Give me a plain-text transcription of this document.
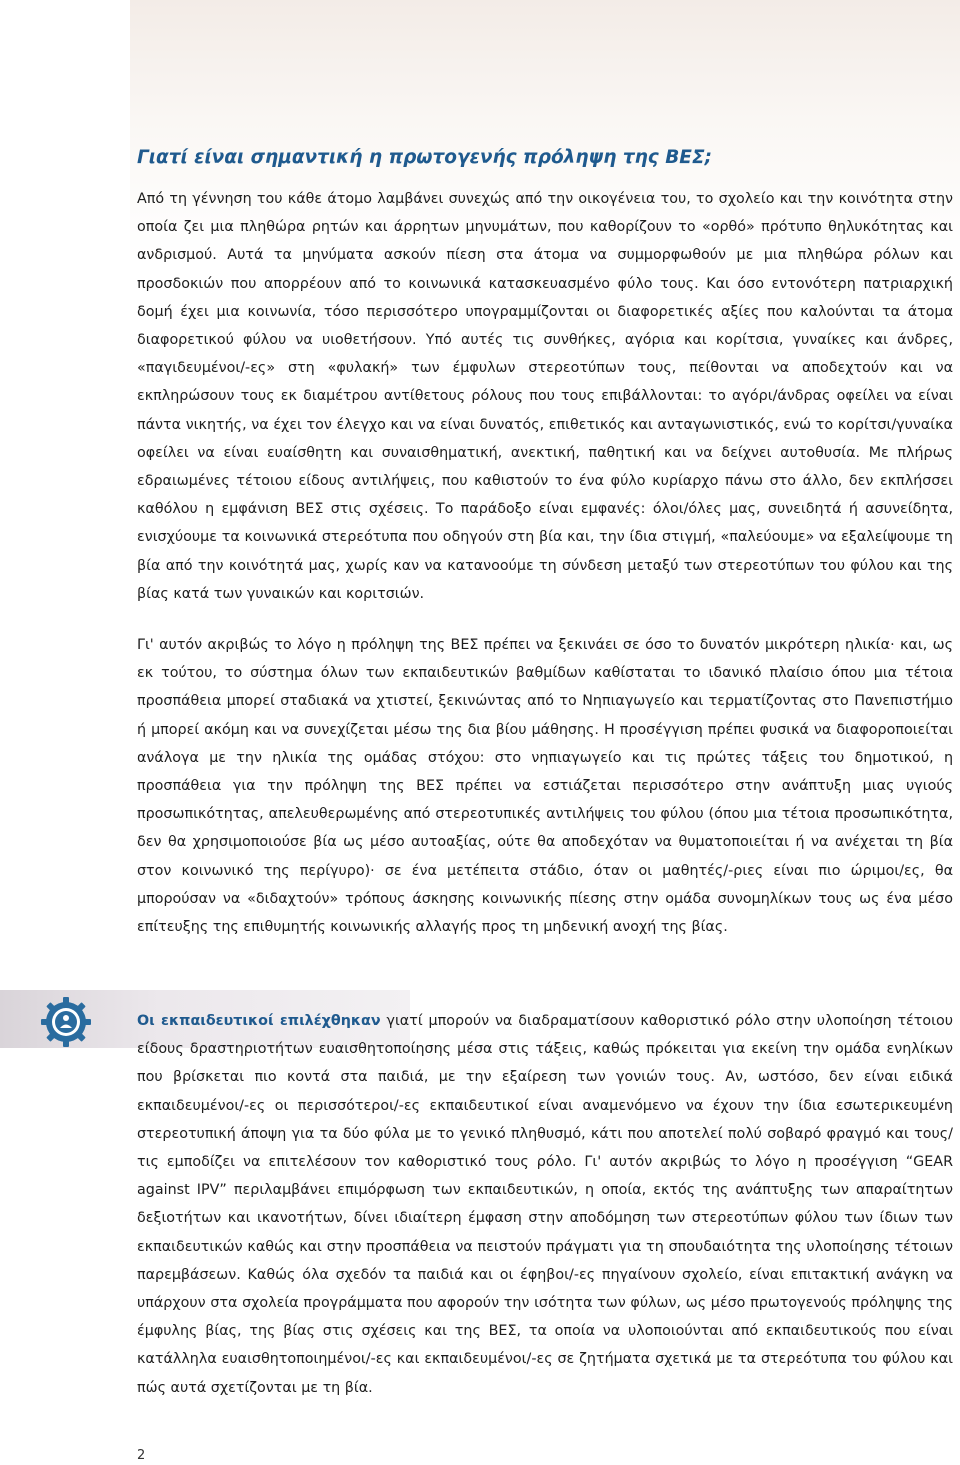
Γιατί είναι σημαντική η πρωτογενής πρόληψη της ΒΕΣ;

Από τη γέννηση του κάθε άτομο λαμβάνει συνεχώς από την οικογένεια του, το σχολείο και την κοινότητα στην οποία ζει μια πληθώρα ρητών και άρρητων μηνυμάτων, που καθορίζουν το «ορθό» πρότυπο θηλυκότητας και ανδρισμού. Αυτά τα μηνύματα ασκούν πίεση στα άτομα να συμμορφωθούν με μια πληθώρα ρόλων και προσδοκιών που απορρέουν από το κοινωνικά κατασκευασμένο φύλο τους. Και όσο εντονότερη πατριαρχική δομή έχει μια κοινωνία, τόσο περισσότερο υπογραμμίζονται οι διαφορετικές αξίες που καλούνται τα άτομα διαφορετικού φύλου να υιοθετήσουν. Υπό αυτές τις συνθήκες, αγόρια και κορίτσια, γυναίκες και άνδρες, «παγιδευμένοι/-ες» στη «φυλακή» των έμφυλων στερεοτύπων τους, πείθονται να αποδεχτούν και να εκπληρώσουν τους εκ διαμέτρου αντίθετους ρόλους που τους επιβάλλονται: το αγόρι/άνδρας οφείλει να είναι πάντα νικητής, να έχει τον έλεγχο και να είναι δυνατός, επιθετικός και ανταγωνιστικός, ενώ το κορίτσι/γυναίκα οφείλει να είναι ευαίσθητη και συναισθηματική, ανεκτική, παθητική και να δείχνει αυτοθυσία. Με πλήρως εδραιωμένες τέτοιου είδους αντιλήψεις, που καθιστούν το ένα φύλο κυρίαρχο πάνω στο άλλο, δεν εκπλήσσει καθόλου η εμφάνιση ΒΕΣ στις σχέσεις. Το παράδοξο είναι εμφανές: όλοι/όλες μας, συνειδητά ή ασυνείδητα, ενισχύουμε τα κοινωνικά στερεότυπα που οδηγούν στη βία και, την ίδια στιγμή, «παλεύουμε» να εξαλείψουμε τη βία από την κοινότητά μας, χωρίς καν να κατανοούμε τη σύνδεση μεταξύ των στερεοτύπων του φύλου και της βίας κατά των γυναικών και κοριτσιών.

Γι' αυτόν ακριβώς το λόγο η πρόληψη της ΒΕΣ πρέπει να ξεκινάει σε όσο το δυνατόν μικρότερη ηλικία· και, ως εκ τούτου, το σύστημα όλων των εκπαιδευτικών βαθμίδων καθίσταται το ιδανικό πλαίσιο όπου μια τέτοια προσπάθεια μπορεί σταδιακά να χτιστεί, ξεκινώντας από το Νηπιαγωγείο και τερματίζοντας στο Πανεπιστήμιο ή μπορεί ακόμη και να συνεχίζεται μέσω της δια βίου μάθησης. Η προσέγγιση πρέπει φυσικά να διαφοροποιείται ανάλογα με την ηλικία της ομάδας στόχου: στο νηπιαγωγείο και τις πρώτες τάξεις του δημοτικού, η προσπάθεια για την πρόληψη της ΒΕΣ πρέπει να εστιάζεται περισσότερο στην ανάπτυξη μιας υγιούς προσωπικότητας, απελευθερωμένης από στερεοτυπικές αντιλήψεις του φύλου (όπου μια τέτοια προσωπικότητα, δεν θα χρησιμοποιούσε βία ως μέσο αυτοαξίας, ούτε θα αποδεχόταν να θυματοποιείται ή να ανέχεται τη βία στον κοινωνικό της περίγυρο)· σε ένα μετέπειτα στάδιο, όταν οι μαθητές/-ριες είναι πιο ώριμοι/ες, θα μπορούσαν να «διδαχτούν» τρόπους άσκησης κοινωνικής πίεσης στην ομάδα συνομηλίκων τους ως ένα μέσο επίτευξης της επιθυμητής κοινωνικής αλλαγής προς τη μηδενική ανοχή της βίας.

Οι εκπαιδευτικοί επιλέχθηκαν γιατί μπορούν να διαδραματίσουν καθοριστικό ρόλο στην υλοποίηση τέτοιου είδους δραστηριοτήτων ευαισθητοποίησης μέσα στις τάξεις, καθώς πρόκειται για εκείνη την ομάδα ενηλίκων που βρίσκεται πιο κοντά στα παιδιά, με την εξαίρεση των γονιών τους. Αν, ωστόσο, δεν είναι ειδικά εκπαιδευμένοι/-ες οι περισσότεροι/-ες εκπαιδευτικοί είναι αναμενόμενο να έχουν την ίδια εσωτερικευμένη στερεοτυπική άποψη για τα δύο φύλα με το γενικό πληθυσμό, κάτι που αποτελεί πολύ σοβαρό φραγμό και τους/τις εμποδίζει να επιτελέσουν τον καθοριστικό τους ρόλο. Γι' αυτόν ακριβώς το λόγο η προσέγγιση “GEAR against IPV” περιλαμβάνει επιμόρφωση των εκπαιδευτικών, η οποία, εκτός της ανάπτυξης των απαραίτητων δεξιοτήτων και ικανοτήτων, δίνει ιδιαίτερη έμφαση στην αποδόμηση των στερεοτύπων φύλου των ίδιων των εκπαιδευτικών καθώς και στην προσπάθεια να πειστούν πράγματι για τη σπουδαιότητα της υλοποίησης τέτοιων παρεμβάσεων. Καθώς όλα σχεδόν τα παιδιά και οι έφηβοι/-ες πηγαίνουν σχολείο, είναι επιτακτική ανάγκη να υπάρχουν στα σχολεία προγράμματα που αφορούν την ισότητα των φύλων, ως μέσο πρωτογενούς πρόληψης της έμφυλης βίας, της βίας στις σχέσεις και της ΒΕΣ, τα οποία να υλοποιούνται από εκπαιδευτικούς που είναι κατάλληλα ευαισθητοποιημένοι/-ες και εκπαιδευμένοι/-ες σε ζητήματα σχετικά με τα στερεότυπα του φύλου και πώς αυτά σχετίζονται με τη βία.

2
